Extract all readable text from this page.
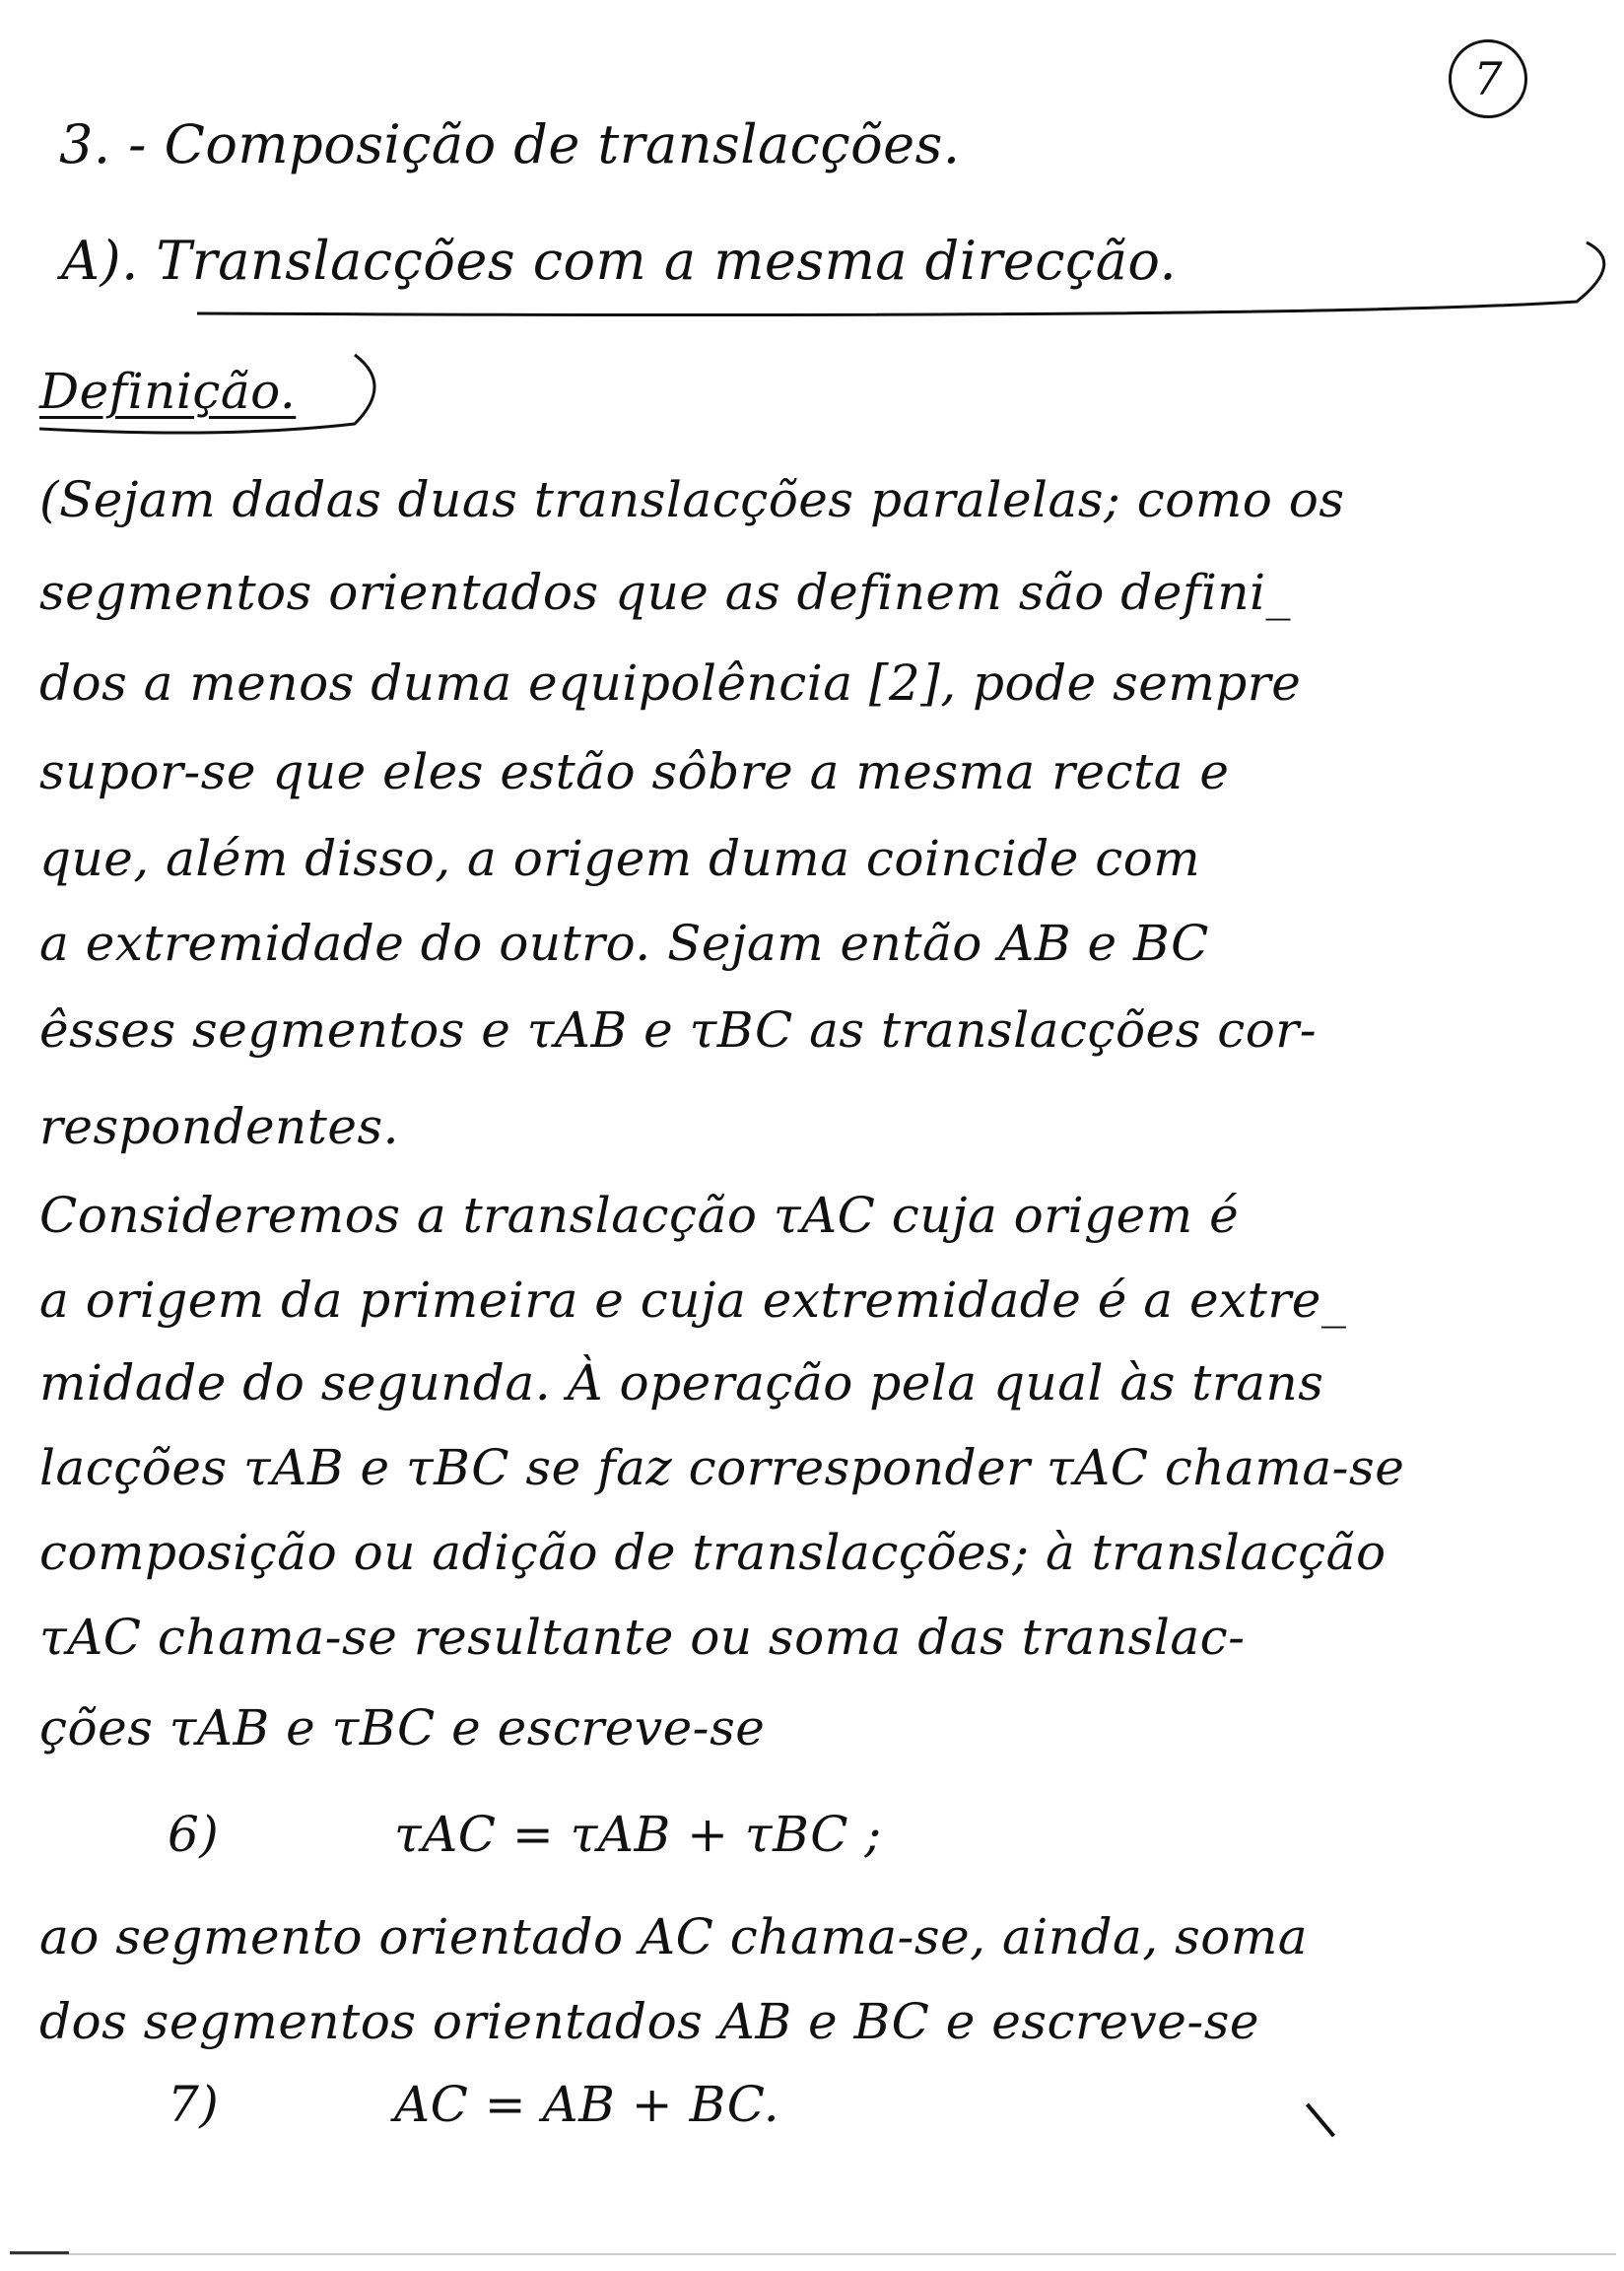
7
3. - Composição de translacções.
A). Translacções com a mesma direcção.
Definição.
(Sejam dadas duas translacções paralelas; como os
segmentos orientados que as definem são defini_
dos a menos duma equipolência [2], pode sempre
supor-se que eles estão sôbre a mesma recta e
que, além disso, a origem duma coincide com
a extremidade do outro. Sejam então AB e BC
êsses segmentos e τAB e τBC as translacções cor-
respondentes.
Consideremos a translacção τAC cuja origem é
a origem da primeira e cuja extremidade é a extre_
midade do segunda. À operação pela qual às trans
lacções τAB e τBC se faz corresponder τAC chama-se
composição ou adição de translacções; à translacção
τAC chama-se resultante ou soma das translac-
ções τAB e τBC e escreve-se
6)	τAC = τAB + τBC ;
ao segmento orientado AC chama-se, ainda, soma
dos segmentos orientados AB e BC e escreve-se
7)	AC = AB + BC.
